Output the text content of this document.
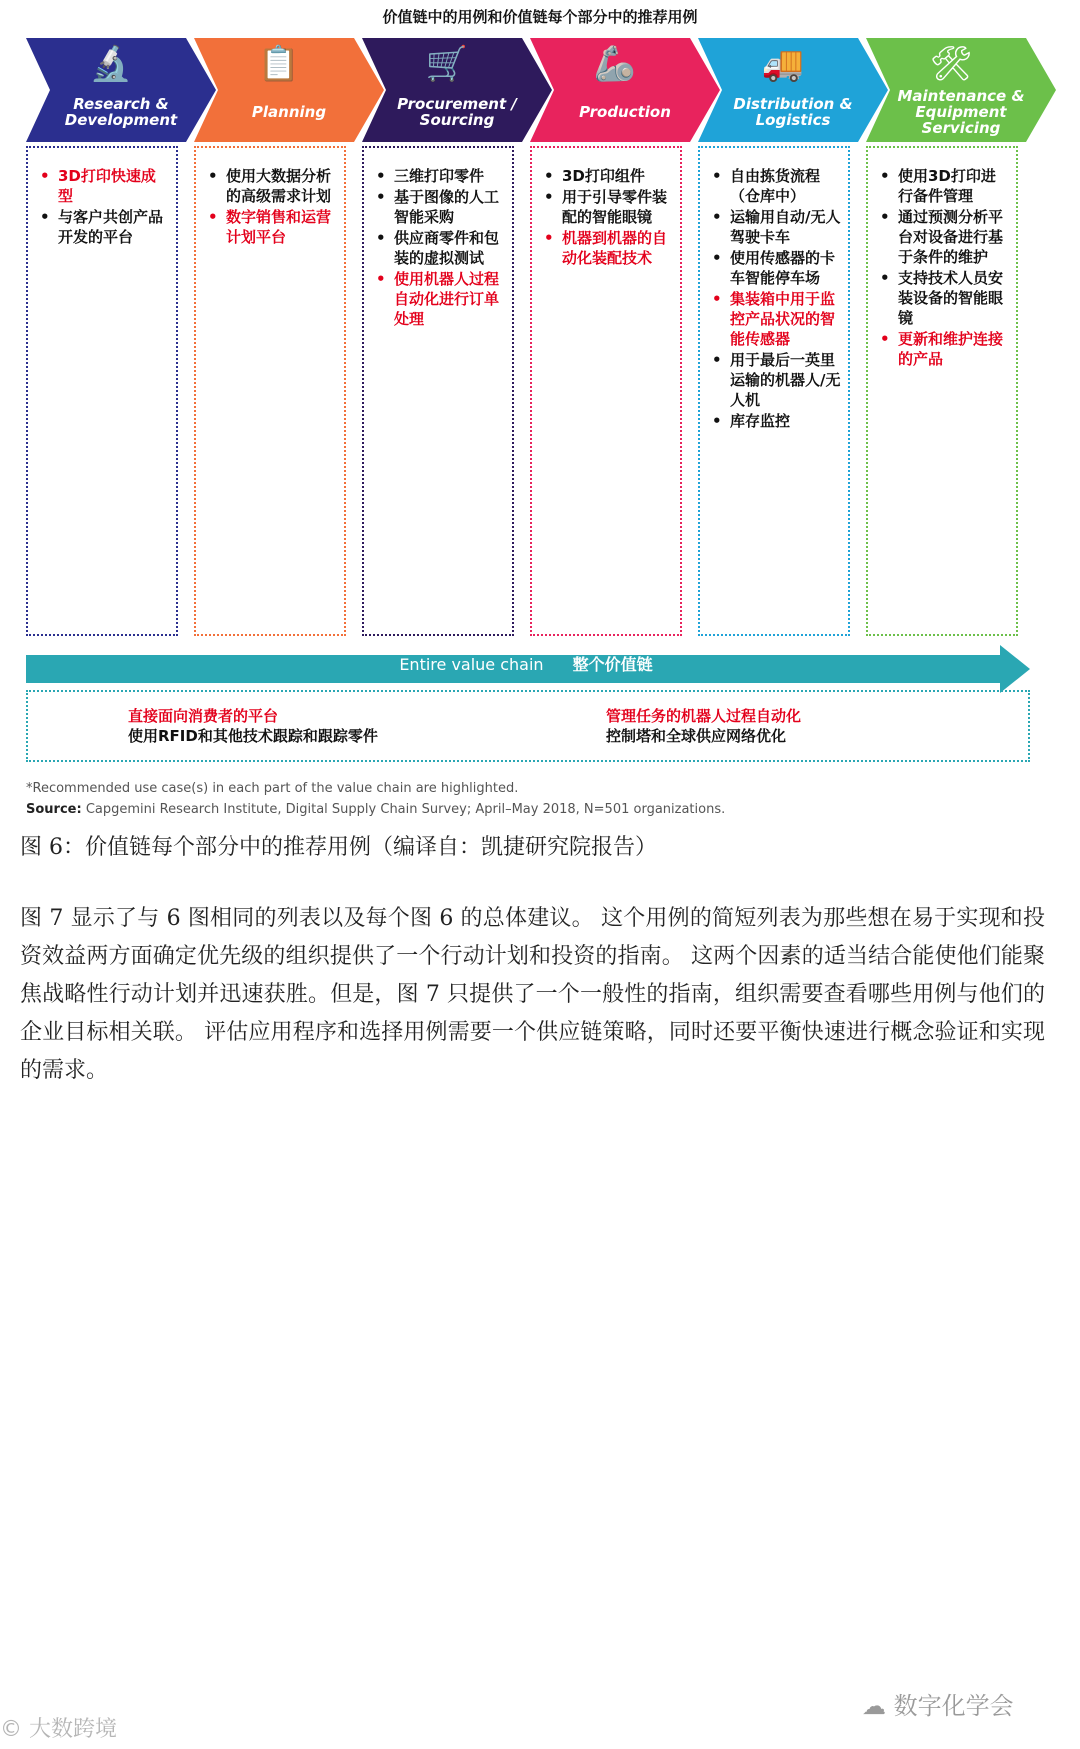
价值链中的用例和价值链每个部分中的推荐用例
🔬
Research & Development
📋
Planning
🛒
Procurement / Sourcing
🦾
Production
🚚
Distribution & Logistics
🛠
Maintenance & Equipment Servicing
• 3D打印快速成型
• 与客户共创产品开发的平台
• 使用大数据分析的高级需求计划
• 数字销售和运营计划平台
• 三维打印零件
• 基于图像的人工智能采购
• 供应商零件和包装的虚拟测试
• 使用机器人过程自动化进行订单处理
• 3D打印组件
• 用于引导零件装配的智能眼镜
• 机器到机器的自动化装配技术
• 自由拣货流程（仓库中）
• 运输用自动/无人驾驶卡车
• 使用传感器的卡车智能停车场
• 集装箱中用于监控产品状况的智能传感器
• 用于最后一英里运输的机器人/无人机
• 库存监控
• 使用3D打印进行备件管理
• 通过预测分析平台对设备进行基于条件的维护
• 支持技术人员安装设备的智能眼镜
• 更新和维护连接的产品
Entire value chain 整个价值链
直接面向消费者的平台
使用RFID和其他技术跟踪和跟踪零件
管理任务的机器人过程自动化
控制塔和全球供应网络优化
*Recommended use case(s) in each part of the value chain are highlighted.
Source: Capgemini Research Institute, Digital Supply Chain Survey; April–May 2018, N=501 organizations.
图 6：价值链每个部分中的推荐用例（编译自：凯捷研究院报告）
图 7 显示了与 6 图相同的列表以及每个图 6 的总体建议。 这个用例的简短列表为那些想在易于实现和投资效益两方面确定优先级的组织提供了一个行动计划和投资的指南。 这两个因素的适当结合能使他们能聚焦战略性行动计划并迅速获胜。但是，图 7 只提供了一个一般性的指南，组织需要查看哪些用例与他们的企业目标相关联。 评估应用程序和选择用例需要一个供应链策略，同时还要平衡快速进行概念验证和实现的需求。
☁ 数字化学会
© 大数跨境
